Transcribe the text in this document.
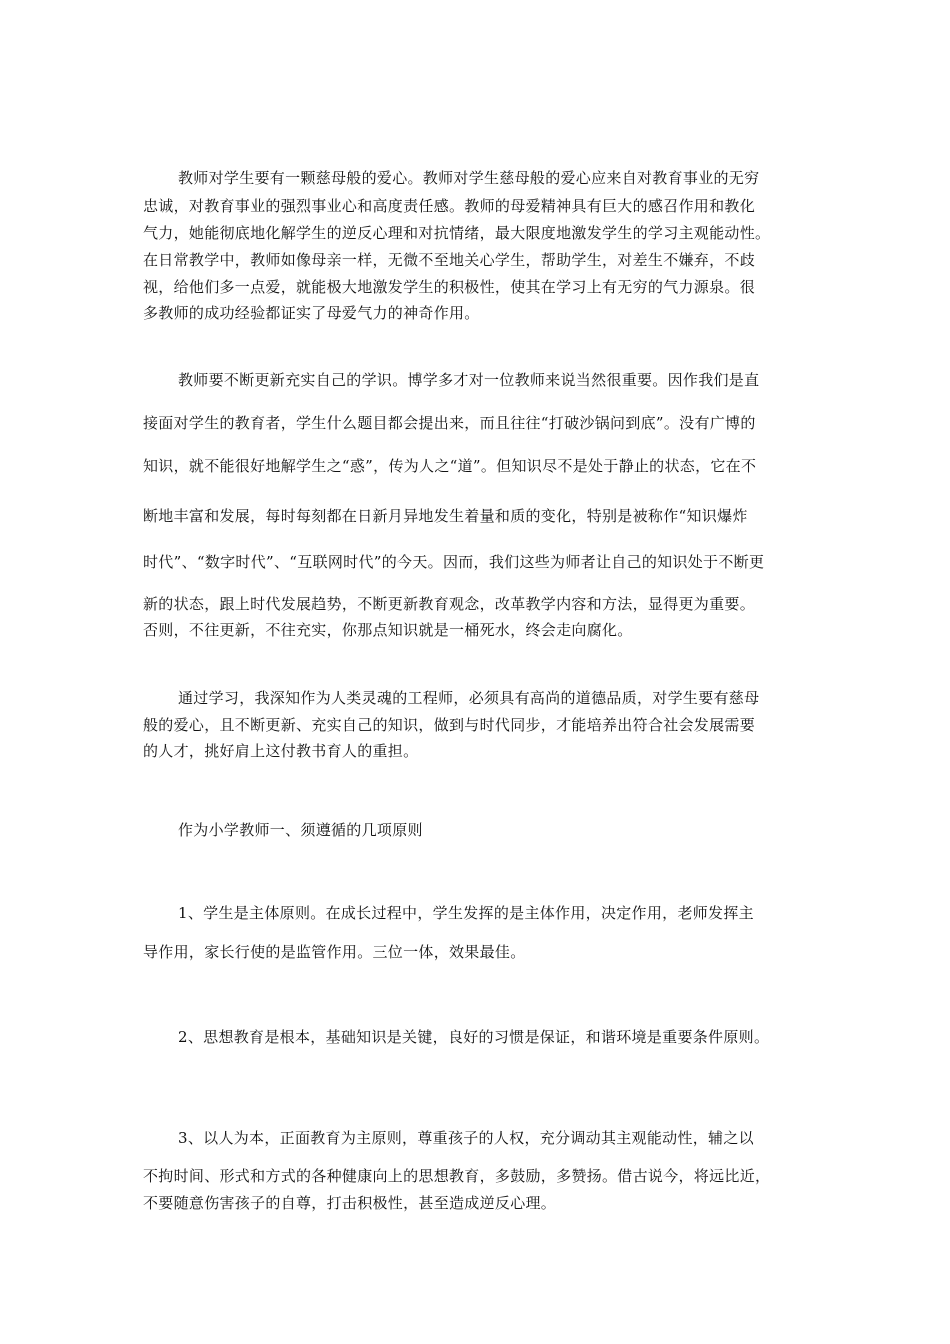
教师对学生要有一颗慈母般的爱心。教师对学生慈母般的爱心应来自对教育事业的无穷
忠诚，对教育事业的强烈事业心和高度责任感。教师的母爱精神具有巨大的感召作用和教化
气力，她能彻底地化解学生的逆反心理和对抗情绪，最大限度地激发学生的学习主观能动性。
在日常教学中，教师如像母亲一样，无微不至地关心学生，帮助学生，对差生不嫌弃，不歧
视，给他们多一点爱，就能极大地激发学生的积极性，使其在学习上有无穷的气力源泉。很
多教师的成功经验都证实了母爱气力的神奇作用。
教师要不断更新充实自己的学识。博学多才对一位教师来说当然很重要。因作我们是直
接面对学生的教育者，学生什么题目都会提出来，而且往往“打破沙锅问到底”。没有广博的
知识，就不能很好地解学生之“惑”，传为人之“道”。但知识尽不是处于静止的状态，它在不
断地丰富和发展，每时每刻都在日新月异地发生着量和质的变化，特别是被称作“知识爆炸
时代”、“数字时代”、“互联网时代”的今天。因而，我们这些为师者让自己的知识处于不断更
新的状态，跟上时代发展趋势，不断更新教育观念，改革教学内容和方法，显得更为重要。
否则，不往更新，不往充实，你那点知识就是一桶死水，终会走向腐化。
通过学习，我深知作为人类灵魂的工程师，必须具有高尚的道德品质，对学生要有慈母
般的爱心，且不断更新、充实自己的知识，做到与时代同步，才能培养出符合社会发展需要
的人才，挑好肩上这付教书育人的重担。
作为小学教师一、须遵循的几项原则
1、学生是主体原则。在成长过程中，学生发挥的是主体作用，决定作用，老师发挥主
导作用，家长行使的是监管作用。三位一体，效果最佳。
2、思想教育是根本，基础知识是关键，良好的习惯是保证，和谐环境是重要条件原则。
3、以人为本，正面教育为主原则，尊重孩子的人权，充分调动其主观能动性，辅之以
不拘时间、形式和方式的各种健康向上的思想教育，多鼓励，多赞扬。借古说今，将远比近，
不要随意伤害孩子的自尊，打击积极性，甚至造成逆反心理。
